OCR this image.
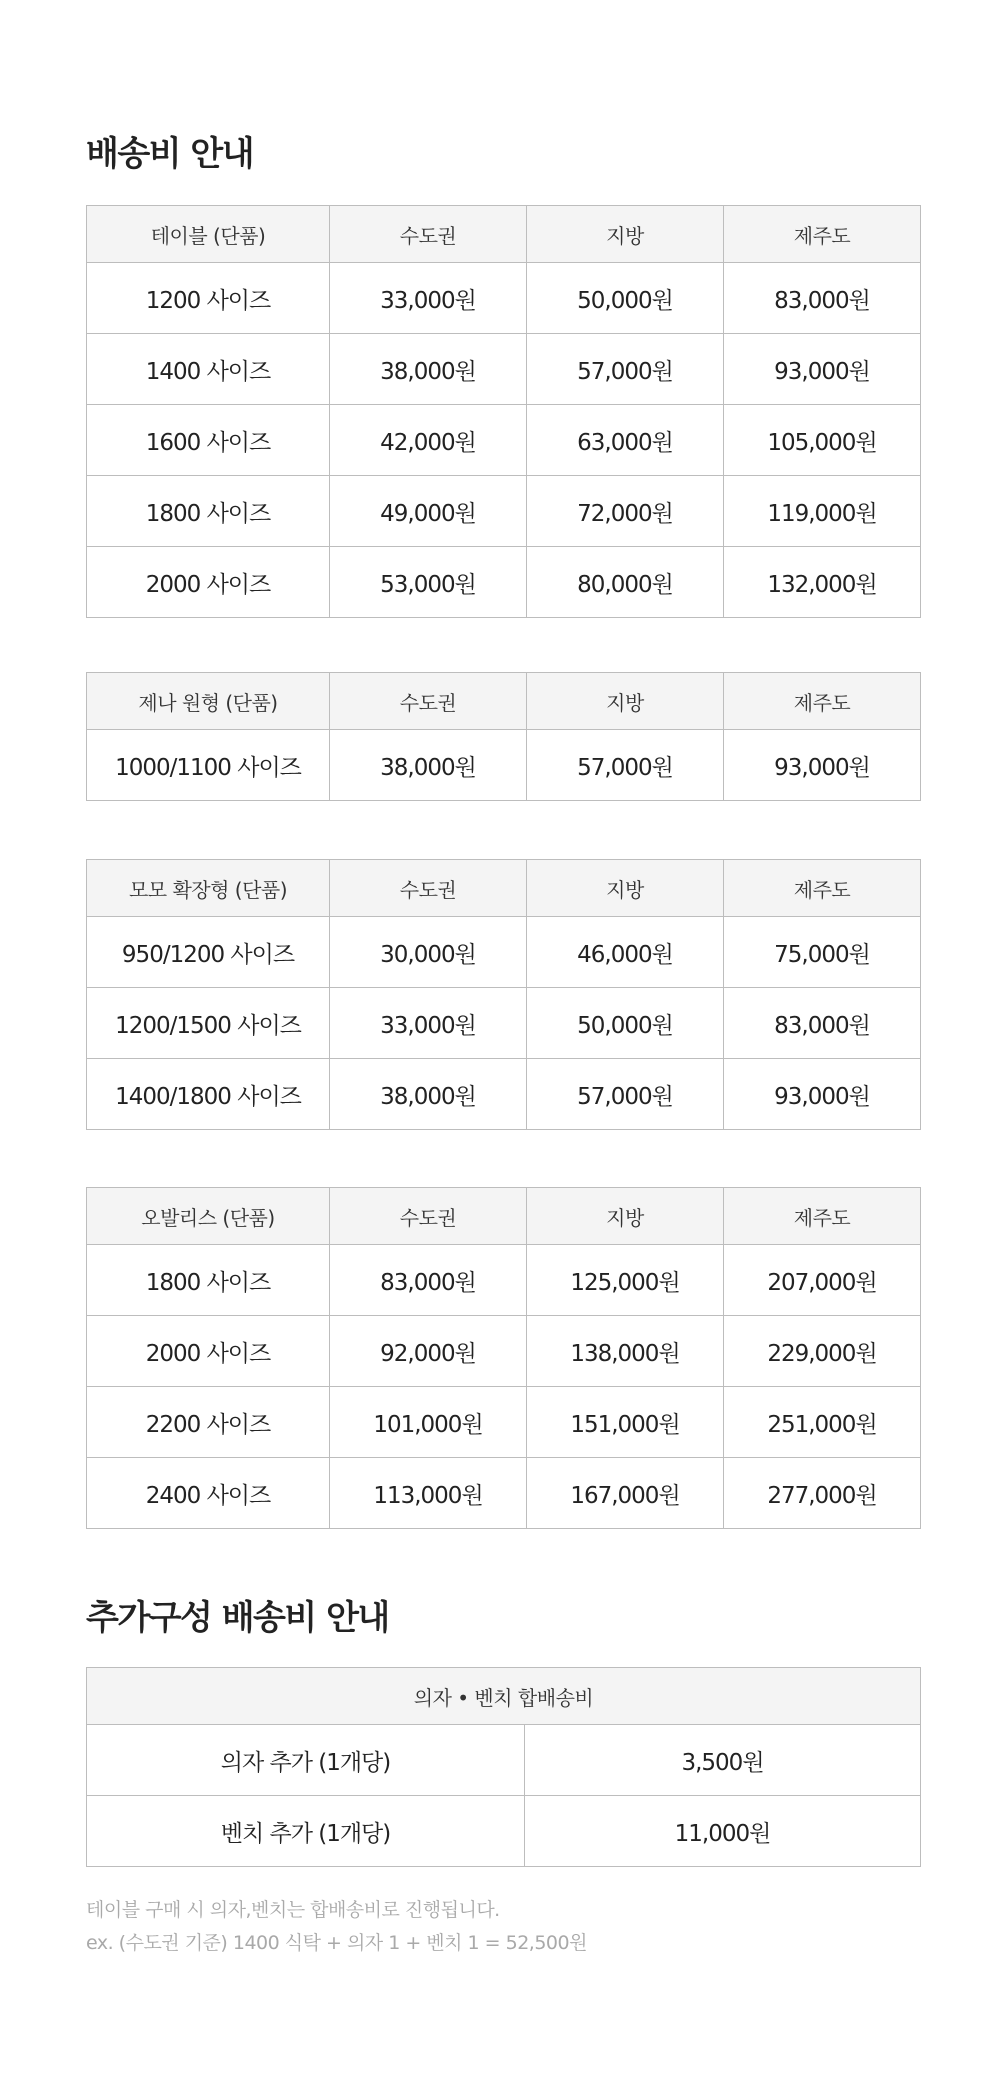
배송비 안내
테이블 (단품)	수도권	지방	제주도
1200 사이즈	33,000원	50,000원	83,000원
1400 사이즈	38,000원	57,000원	93,000원
1600 사이즈	42,000원	63,000원	105,000원
1800 사이즈	49,000원	72,000원	119,000원
2000 사이즈	53,000원	80,000원	132,000원
제나 원형 (단품)	수도권	지방	제주도
1000/1100 사이즈	38,000원	57,000원	93,000원
모모 확장형 (단품)	수도권	지방	제주도
950/1200 사이즈	30,000원	46,000원	75,000원
1200/1500 사이즈	33,000원	50,000원	83,000원
1400/1800 사이즈	38,000원	57,000원	93,000원
오발리스 (단품)	수도권	지방	제주도
1800 사이즈	83,000원	125,000원	207,000원
2000 사이즈	92,000원	138,000원	229,000원
2200 사이즈	101,000원	151,000원	251,000원
2400 사이즈	113,000원	167,000원	277,000원
추가구성 배송비 안내
의자 • 벤치 합배송비	
의자 추가 (1개당)	3,500원
벤치 추가 (1개당)	11,000원

테이블 구매 시 의자,벤치는 합배송비로 진행됩니다.

ex. (수도권 기준) 1400 식탁 + 의자 1 + 벤치 1 = 52,500원
